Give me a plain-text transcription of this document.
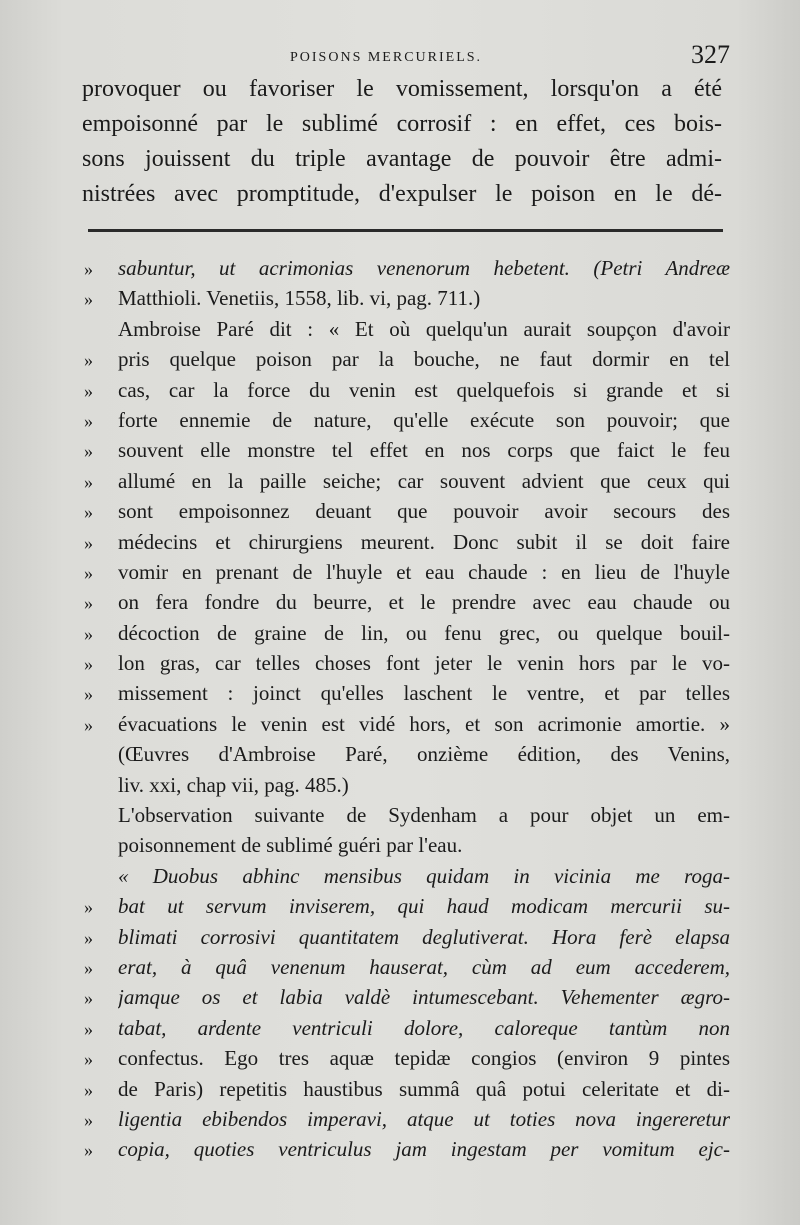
POISONS MERCURIELS.	327
provoquer ou favoriser le vomissement, lorsqu'on a été
empoisonné par le sublimé corrosif : en effet, ces bois-
sons jouissent du triple avantage de pouvoir être admi-
nistrées avec promptitude, d'expulser le poison en le dé-
»	sabuntur, ut acrimonias venenorum hebetent. (Petri Andreæ
»	Matthioli. Venetiis, 1558, lib. vi, pag. 711.)
Ambroise Paré dit : « Et où quelqu'un aurait soupçon d'avoir
»	pris quelque poison par la bouche, ne faut dormir en tel
»	cas, car la force du venin est quelquefois si grande et si
»	forte ennemie de nature, qu'elle exécute son pouvoir; que
»	souvent elle monstre tel effet en nos corps que faict le feu
»	allumé en la paille seiche; car souvent advient que ceux qui
»	sont empoisonnez deuant que pouvoir avoir secours des
»	médecins et chirurgiens meurent. Donc subit il se doit faire
»	vomir en prenant de l'huyle et eau chaude : en lieu de l'huyle
»	on fera fondre du beurre, et le prendre avec eau chaude ou
»	décoction de graine de lin, ou fenu grec, ou quelque bouil-
»	lon gras, car telles choses font jeter le venin hors par le vo-
»	missement : joinct qu'elles laschent le ventre, et par telles
»	évacuations le venin est vidé hors, et son acrimonie amortie. »
(Œuvres d'Ambroise Paré, onzième édition, des Venins,
liv. xxi, chap vii, pag. 485.)
L'observation suivante de Sydenham a pour objet un em-
poisonnement de sublimé guéri par l'eau.
« Duobus abhinc mensibus quidam in vicinia me roga-
»	bat ut servum inviserem, qui haud modicam mercurii su-
»	blimati corrosivi quantitatem deglutiverat. Hora ferè elapsa
»	erat, à quâ venenum hauserat, cùm ad eum accederem,
»	jamque os et labia valdè intumescebant. Vehementer ægro-
»	tabat, ardente ventriculi dolore, caloreque tantùm non
»	confectus. Ego tres aquæ tepidæ congios (environ 9 pintes
»	de Paris) repetitis haustibus summâ quâ potui celeritate et di-
»	ligentia ebibendos imperavi, atque ut toties nova ingereretur
»	copia, quoties ventriculus jam ingestam per vomitum ejc-
